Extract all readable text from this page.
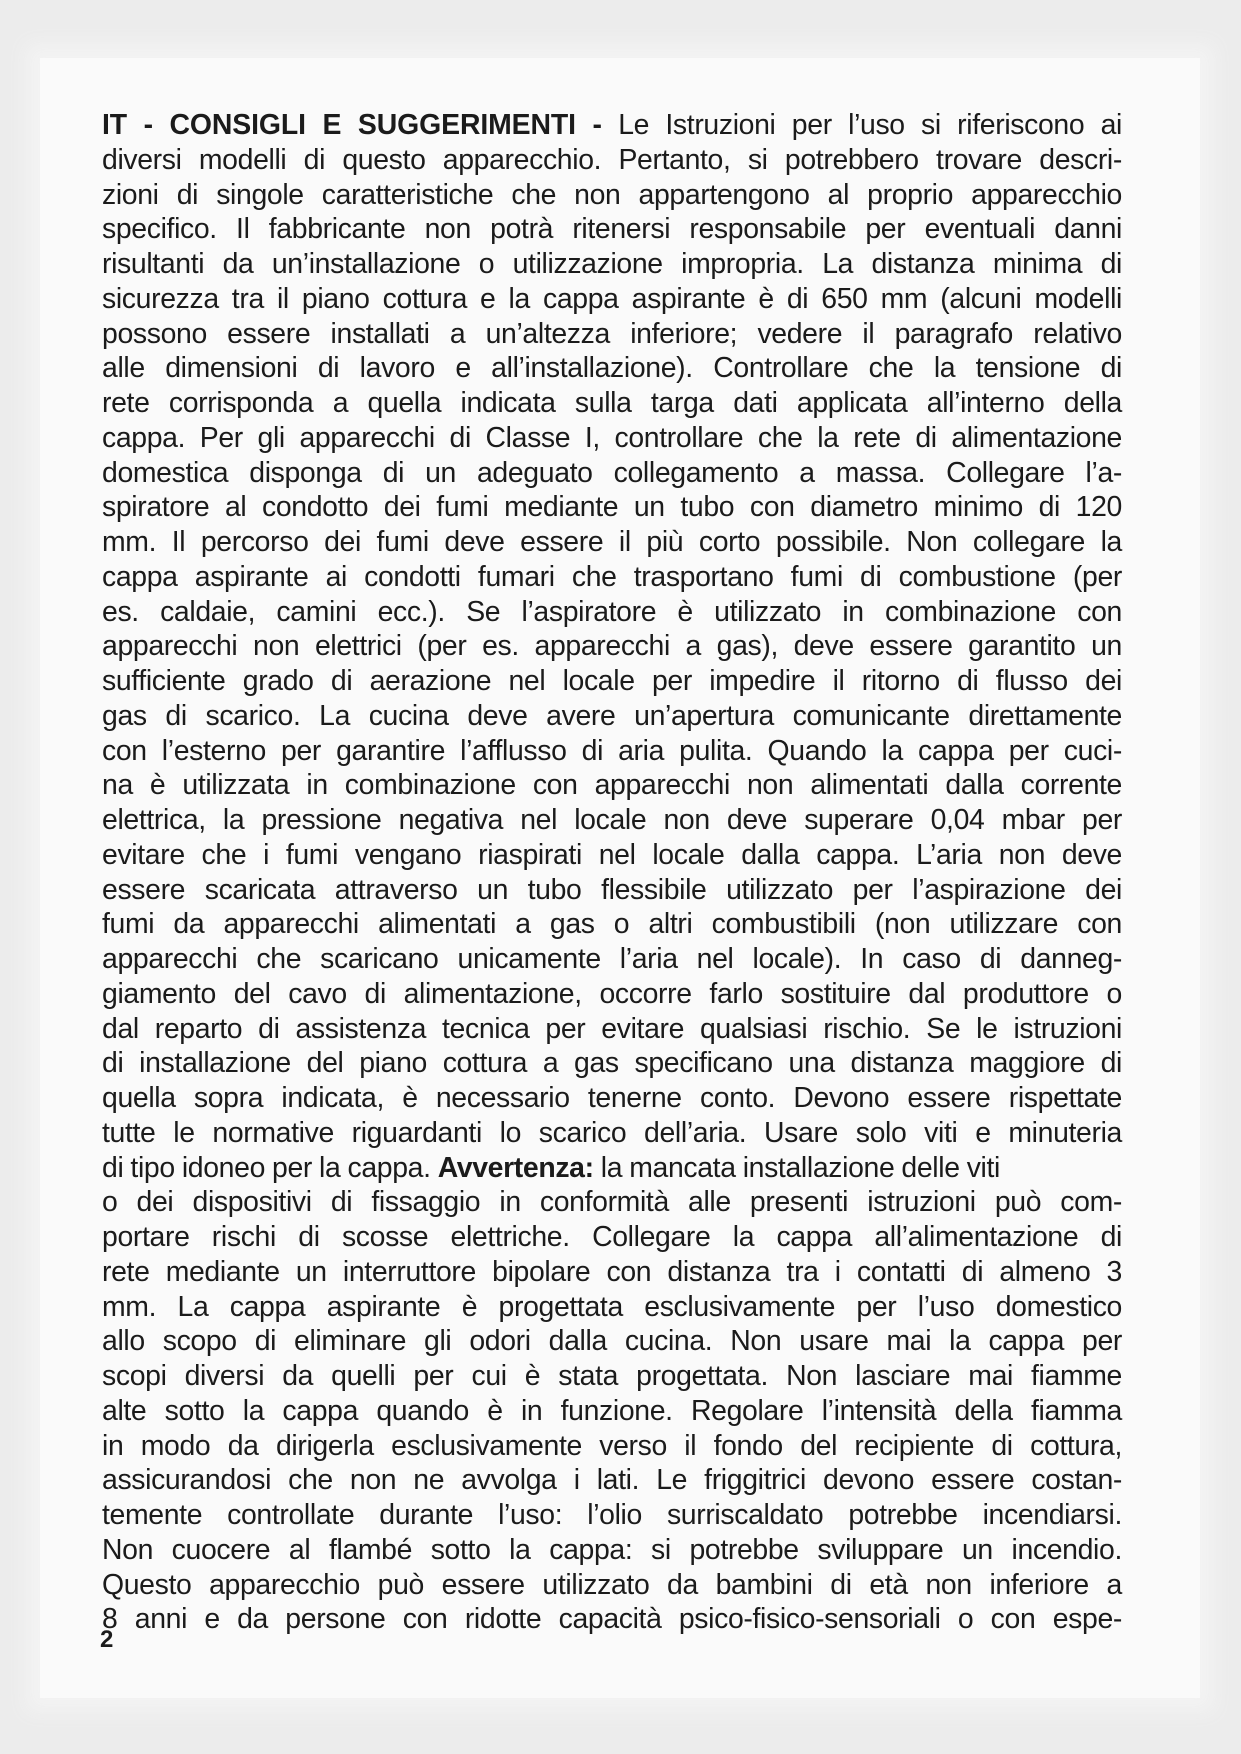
IT - CONSIGLI E SUGGERIMENTI - Le Istruzioni per l’uso si riferiscono ai
diversi modelli di questo apparecchio. Pertanto, si potrebbero trovare descri-
zioni di singole caratteristiche che non appartengono al proprio apparecchio
specifico. Il fabbricante non potrà ritenersi responsabile per eventuali danni
risultanti da un’installazione o utilizzazione impropria. La distanza minima di
sicurezza tra il piano cottura e la cappa aspirante è di 650 mm (alcuni modelli
possono essere installati a un’altezza inferiore; vedere il paragrafo relativo
alle dimensioni di lavoro e all’installazione). Controllare che la tensione di
rete corrisponda a quella indicata sulla targa dati applicata all’interno della
cappa. Per gli apparecchi di Classe I, controllare che la rete di alimentazione
domestica disponga di un adeguato collegamento a massa. Collegare l’a-
spiratore al condotto dei fumi mediante un tubo con diametro minimo di 120
mm. Il percorso dei fumi deve essere il più corto possibile. Non collegare la
cappa aspirante ai condotti fumari che trasportano fumi di combustione (per
es. caldaie, camini ecc.). Se l’aspiratore è utilizzato in combinazione con
apparecchi non elettrici (per es. apparecchi a gas), deve essere garantito un
sufficiente grado di aerazione nel locale per impedire il ritorno di flusso dei
gas di scarico. La cucina deve avere un’apertura comunicante direttamente
con l’esterno per garantire l’afflusso di aria pulita. Quando la cappa per cuci-
na è utilizzata in combinazione con apparecchi non alimentati dalla corrente
elettrica, la pressione negativa nel locale non deve superare 0,04 mbar per
evitare che i fumi vengano riaspirati nel locale dalla cappa. L’aria non deve
essere scaricata attraverso un tubo flessibile utilizzato per l’aspirazione dei
fumi da apparecchi alimentati a gas o altri combustibili (non utilizzare con
apparecchi che scaricano unicamente l’aria nel locale). In caso di danneg-
giamento del cavo di alimentazione, occorre farlo sostituire dal produttore o
dal reparto di assistenza tecnica per evitare qualsiasi rischio. Se le istruzioni
di installazione del piano cottura a gas specificano una distanza maggiore di
quella sopra indicata, è necessario tenerne conto. Devono essere rispettate
tutte le normative riguardanti lo scarico dell’aria. Usare solo viti e minuteria
di tipo idoneo per la cappa. Avvertenza: la mancata installazione delle viti
o dei dispositivi di fissaggio in conformità alle presenti istruzioni può com-
portare rischi di scosse elettriche. Collegare la cappa all’alimentazione di
rete mediante un interruttore bipolare con distanza tra i contatti di almeno 3
mm. La cappa aspirante è progettata esclusivamente per l’uso domestico
allo scopo di eliminare gli odori dalla cucina. Non usare mai la cappa per
scopi diversi da quelli per cui è stata progettata. Non lasciare mai fiamme
alte sotto la cappa quando è in funzione. Regolare l’intensità della fiamma
in modo da dirigerla esclusivamente verso il fondo del recipiente di cottura,
assicurandosi che non ne avvolga i lati. Le friggitrici devono essere costan-
temente controllate durante l’uso: l’olio surriscaldato potrebbe incendiarsi.
Non cuocere al flambé sotto la cappa: si potrebbe sviluppare un incendio.
Questo apparecchio può essere utilizzato da bambini di età non inferiore a
8 anni e da persone con ridotte capacità psico-fisico-sensoriali o con espe-
2
